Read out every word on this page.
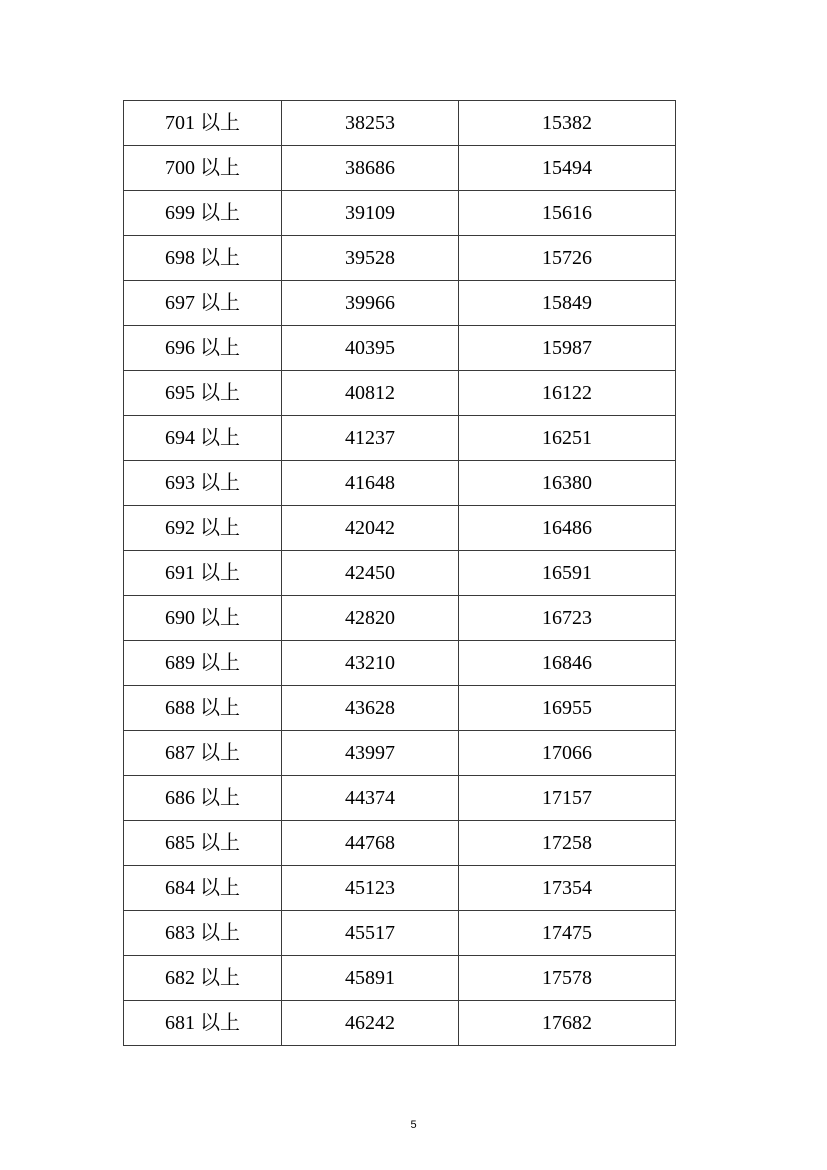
701 以上	38253	15382
700 以上	38686	15494
699 以上	39109	15616
698 以上	39528	15726
697 以上	39966	15849
696 以上	40395	15987
695 以上	40812	16122
694 以上	41237	16251
693 以上	41648	16380
692 以上	42042	16486
691 以上	42450	16591
690 以上	42820	16723
689 以上	43210	16846
688 以上	43628	16955
687 以上	43997	17066
686 以上	44374	17157
685 以上	44768	17258
684 以上	45123	17354
683 以上	45517	17475
682 以上	45891	17578
681 以上	46242	17682
5
